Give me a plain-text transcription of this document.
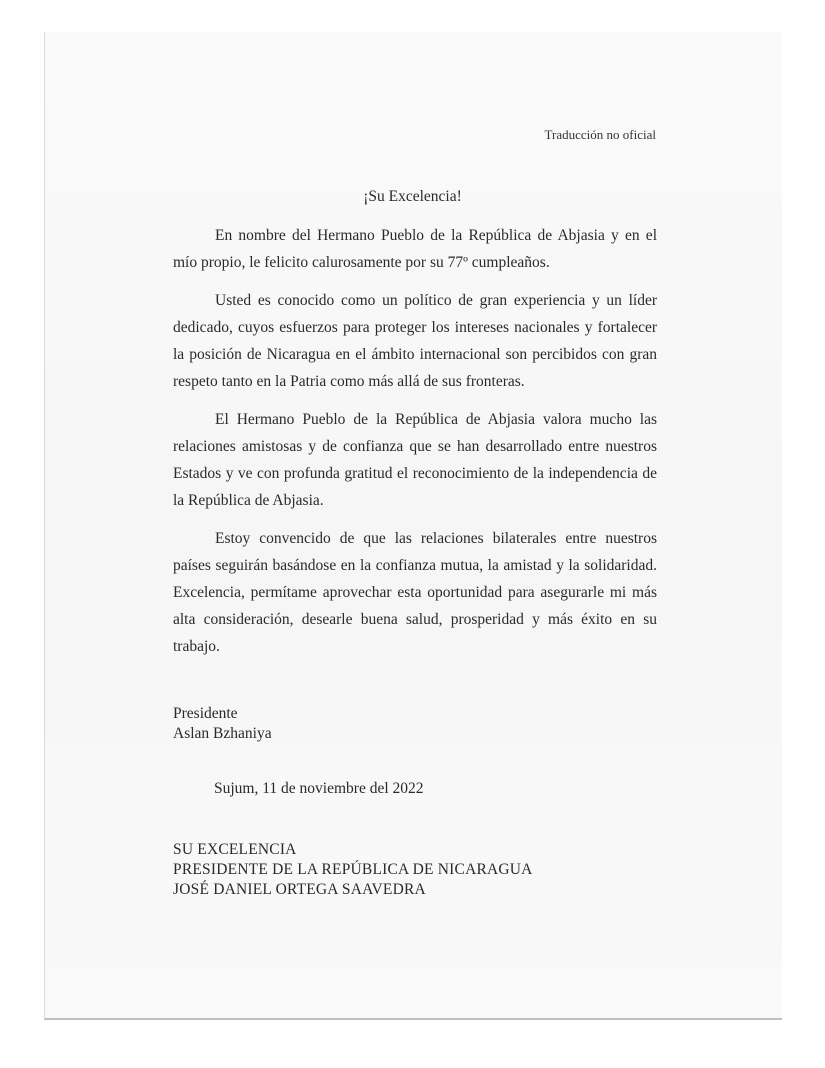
Traducción no oficial
¡Su Excelencia!

En nombre del Hermano Pueblo de la República de Abjasia y en el mío propio, le felicito calurosamente por su 77º cumpleaños.

Usted es conocido como un político de gran experiencia y un líder dedicado, cuyos esfuerzos para proteger los intereses nacionales y fortalecer la posición de Nicaragua en el ámbito internacional son percibidos con gran respeto tanto en la Patria como más allá de sus fronteras.

El Hermano Pueblo de la República de Abjasia valora mucho las relaciones amistosas y de confianza que se han desarrollado entre nuestros Estados y ve con profunda gratitud el reconocimiento de la independencia de la República de Abjasia.

Estoy convencido de que las relaciones bilaterales entre nuestros países seguirán basándose en la confianza mutua, la amistad y la solidaridad. Excelencia, permítame aprovechar esta oportunidad para asegurarle mi más alta consideración, desearle buena salud, prosperidad y más éxito en su trabajo.

Presidente
Aslan Bzhaniya
Sujum, 11 de noviembre del 2022
SU EXCELENCIA
PRESIDENTE DE LA REPÚBLICA DE NICARAGUA
JOSÉ DANIEL ORTEGA SAAVEDRA
